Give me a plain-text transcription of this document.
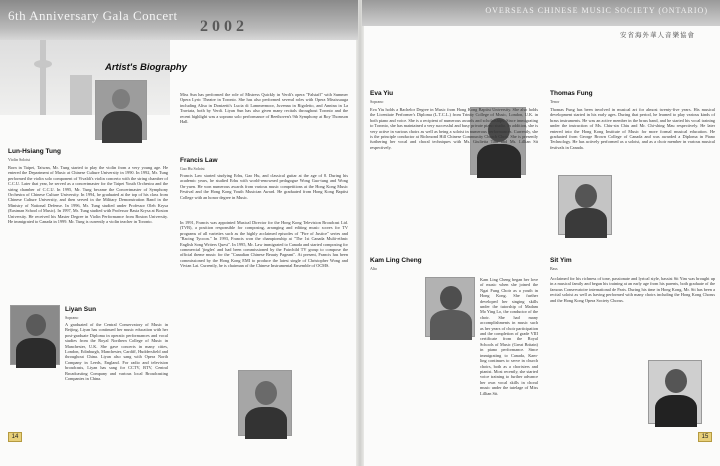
6th Anniversary Gala Concert
2002
OVERSEAS CHINESE MUSIC SOCIETY (ONTARIO)
安省海外華人音樂協會
Artist's Biography
Lun-Hsiang Tung
Violin Soloist

Born in Taipei, Taiwan, Mr. Tung started to play the violin from a very young age. He entered the Department of Music at Chinese Culture University in 1990. In 1992, Mr. Tung performed the violin solo component of Vivaldi's violin concerto with the string chamber of C.C.U. Later that year, he served as a concertmaster for the Taipei Youth Orchestra and the string chamber of C.C.U. In 1995, Mr. Tung became the Concertmaster of Symphony Orchestra of Chinese Culture University. In 1994, he graduated at the top of his class from Chinese Culture University, and then served in the Military Demonstration Band in the Ministry of National Defense. In 1996, Mr. Tung studied under Professor Oleh Krysa (Eastman School of Music). In 1997, Mr. Tung studied with Professor Basia Krysa at Boston University. He received his Master Degree in Violin Performance from Boston University. He immigrated to Canada in 1999. Mr. Tung is currently a violin teacher in Toronto.

Liyan Sun
Soprano

A graduated of the Central Conservatory of Music in Beijing, Liyan has continued her music education with her post-graduate Diploma in operatic performances and vocal studies from the Royal Northern College of Music in Manchester, U.K. She gave concerts in many cities, London, Edinburgh, Manchester, Cardiff, Huddersfield and throughout China. Liyan also sang with Opera North Company in Leeds, England. For radio and television broadcasts, Liyan has sang for CCTV, BTV, Central Broadcasting Company and various local Broadcasting Companies in China.

Miss Sun has performed the role of Mistress Quickly in Verdi's opera "Falstaff" with Summer Opera Lyric Theatre in Toronto. She has also performed several roles with Opera Mississauga including Alisa in Donizetti's Lucia di Lammermoor, Juvenna in Rigoletto, and Annina in La Traviata, both by Verdi. Liyan Sun has also given many recitals throughout Toronto and the recent highlight was a soprano solo performance of Beethoven's 9th Symphony at Roy Thomson Hall.

Francis Law
Gao Hu Soloist

Francis Law started studying Erhu, Gao Hu, and classical guitar at the age of 8. During his academic years, he studied Erhu with world-renowned pedagogue Wong Guo-tung and Wong On-yuen. He won numerous awards from various music competitions at the Hong Kong Music Festival and the Hong Kong Youth Musician Award. He graduated from Hong Kong Baptist College with an honor degree in Music.

In 1991, Francis was appointed Musical Director for the Hong Kong Television Broadcast Ltd. (TVB), a position responsible for composing, arranging and editing music scores for TV programs of all varieties such as the highly acclaimed episodes of "Fire of Justice" series and "Racing Tycoon." In 1993, Francis won the championship at "The 1st Canada Multi-ethnic English Song Writers Quest". In 1995, Mr. Law immigrated to Canada and started composing for commercial 'jingles' and had been commissioned by the Fairchild TV group to compose the official theme music for the "Canadian Chinese Beauty Pageant". At present, Francis has been commissioned by the Hong Kong EMI to produce the latest single of Christopher Wong and Vivian Lai. Currently, he is chairman of the Chinese Instrumental Ensemble of OCMS.

Eva Yiu
Soprano

Eva Yiu holds a Bachelor Degree in Music from Hong Kong Baptist University. She also holds the Licentiate Performer's Diploma (L.T.C.L.) from Trinity College of Music, London, U.K. in both piano and voice. She is a recipient of numerous awards and scholarships. Since immigrating to Toronto, she has maintained a very successful and busy private piano studio. In addition, she is very active in various choirs as well as being a soloist in numerous performances. Currently, she is the principle conductor at Richmond Hill Chinese Community Church Choir. She is presently furthering her vocal and choral techniques with Ms. Giulietta Tam and Ms. Lillian Sit respectively.

Kam Ling Cheng
Alto

Kam Ling Cheng began her love of music when she joined the Ngai Fung Choir as a youth in Hong Kong. She further developed her singing skills under the tutorship of Madam Mo Ying Lo, the conductor of the choir. She had many accomplishments in music such as her years of choir participation and the completion of grade VIII certificate from the Royal Schools of Music (Great Britain) in piano performance. Since immigrating to Canada, Kam-ling continues to serve in church choirs, both as a choristers and pianist. Most recently, she started voice training to further advance her own vocal skills in choral music under the tutelage of Miss Lillian Sit.

Thomas Fung
Tenor

Thomas Fung has been involved in musical art for almost twenty-five years. His musical development started in his early ages. During that period, he learned to play various kinds of brass instruments. He was an active member in the brass band, and he started his vocal training under the instruction of Ms. Chiu-sin Chiu and Mr. Chi-shing Mau respectively. He later entered into the Hong Kong Institute of Music for more formal musical education. He graduated from George Brown College of Canada and was awarded a Diploma in Piano Technology. He has actively performed as a soloist, and as a choir member in various musical festivals in Canada.

Sit Yim
Bass

Acclaimed for his richness of tone, passionate and lyrical style, bassist Sit Yim was brought up in a musical family and began his training at an early age from his parents, both graduate of the famous Conservatoire international de Paris. During his time in Hong Kong, Mr. Sit has been a recital soloist as well as having performed with many choirs including the Hong Kong Chorus and the Hong Kong Opera Society Chorus.

14	15
